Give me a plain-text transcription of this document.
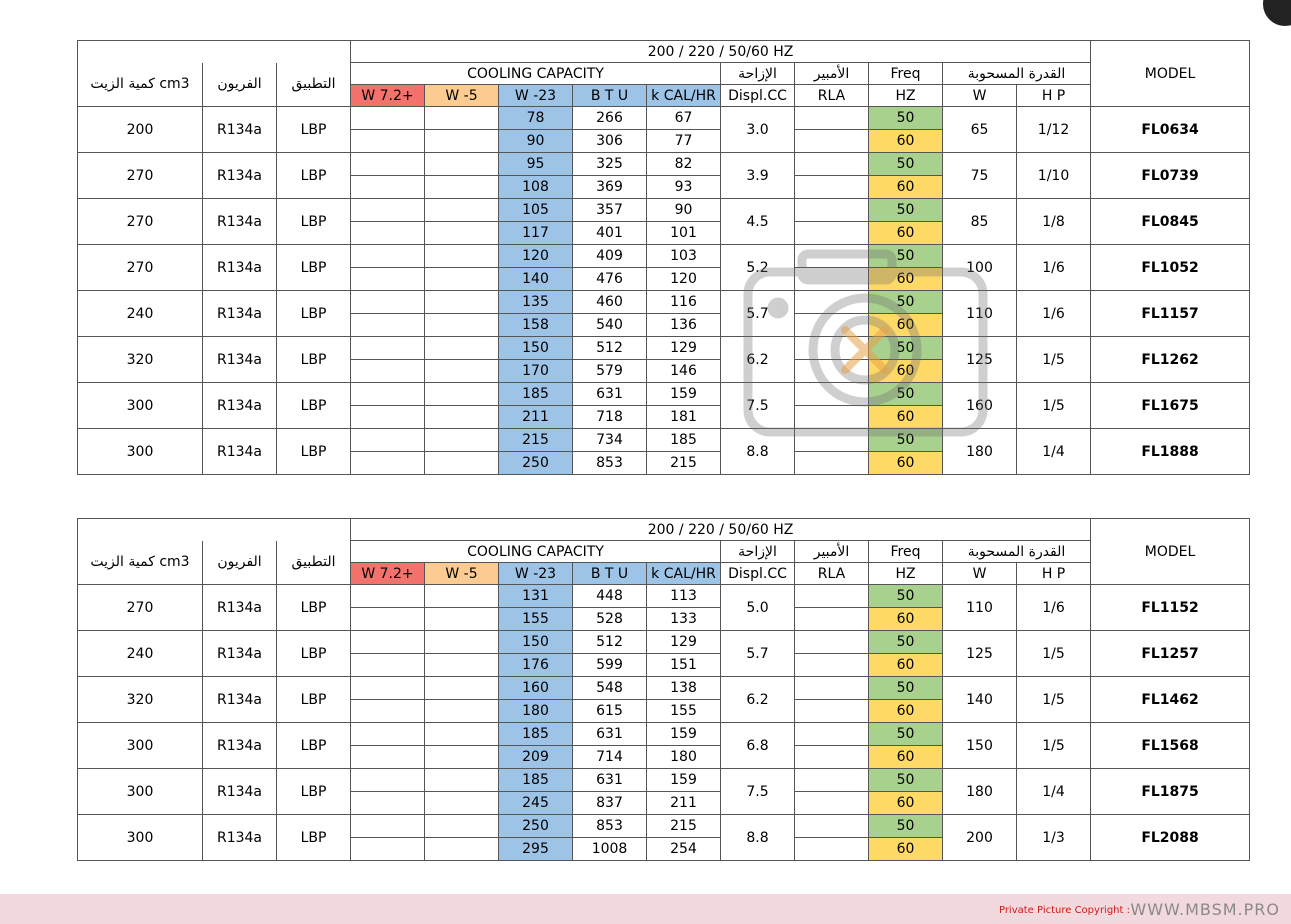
			200 / 220 / 50/60 HZ										MODEL
كمية الزيت cm3	الفريون	التطبيق	COOLING CAPACITY					الإزاحة	الأمبير	Freq	القدرة المسحوبة		
			W 7.2+	W -5	W -23	B T U	k CAL/HR	Displ.CC	RLA	HZ	W	H P	
200	R134a	LBP			78	266	67	3.0		50	65	1/12	FL0634
					90	306	77			60			
270	R134a	LBP			95	325	82	3.9		50	75	1/10	FL0739
					108	369	93			60			
270	R134a	LBP			105	357	90	4.5		50	85	1/8	FL0845
					117	401	101			60			
270	R134a	LBP			120	409	103	5.2		50	100	1/6	FL1052
					140	476	120			60			
240	R134a	LBP			135	460	116	5.7		50	110	1/6	FL1157
					158	540	136			60			
320	R134a	LBP			150	512	129	6.2		50	125	1/5	FL1262
					170	579	146			60			
300	R134a	LBP			185	631	159	7.5		50	160	1/5	FL1675
					211	718	181			60			
300	R134a	LBP			215	734	185	8.8		50	180	1/4	FL1888
					250	853	215			60			
			200 / 220 / 50/60 HZ										MODEL
كمية الزيت cm3	الفريون	التطبيق	COOLING CAPACITY					الإزاحة	الأمبير	Freq	القدرة المسحوبة		
			W 7.2+	W -5	W -23	B T U	k CAL/HR	Displ.CC	RLA	HZ	W	H P	
270	R134a	LBP			131	448	113	5.0		50	110	1/6	FL1152
					155	528	133			60			
240	R134a	LBP			150	512	129	5.7		50	125	1/5	FL1257
					176	599	151			60			
320	R134a	LBP			160	548	138	6.2		50	140	1/5	FL1462
					180	615	155			60			
300	R134a	LBP			185	631	159	6.8		50	150	1/5	FL1568
					209	714	180			60			
300	R134a	LBP			185	631	159	7.5		50	180	1/4	FL1875
					245	837	211			60			
300	R134a	LBP			250	853	215	8.8		50	200	1/3	FL2088
					295	1008	254			60			
Private Picture Copyright : WWW.MBSM.PRO
